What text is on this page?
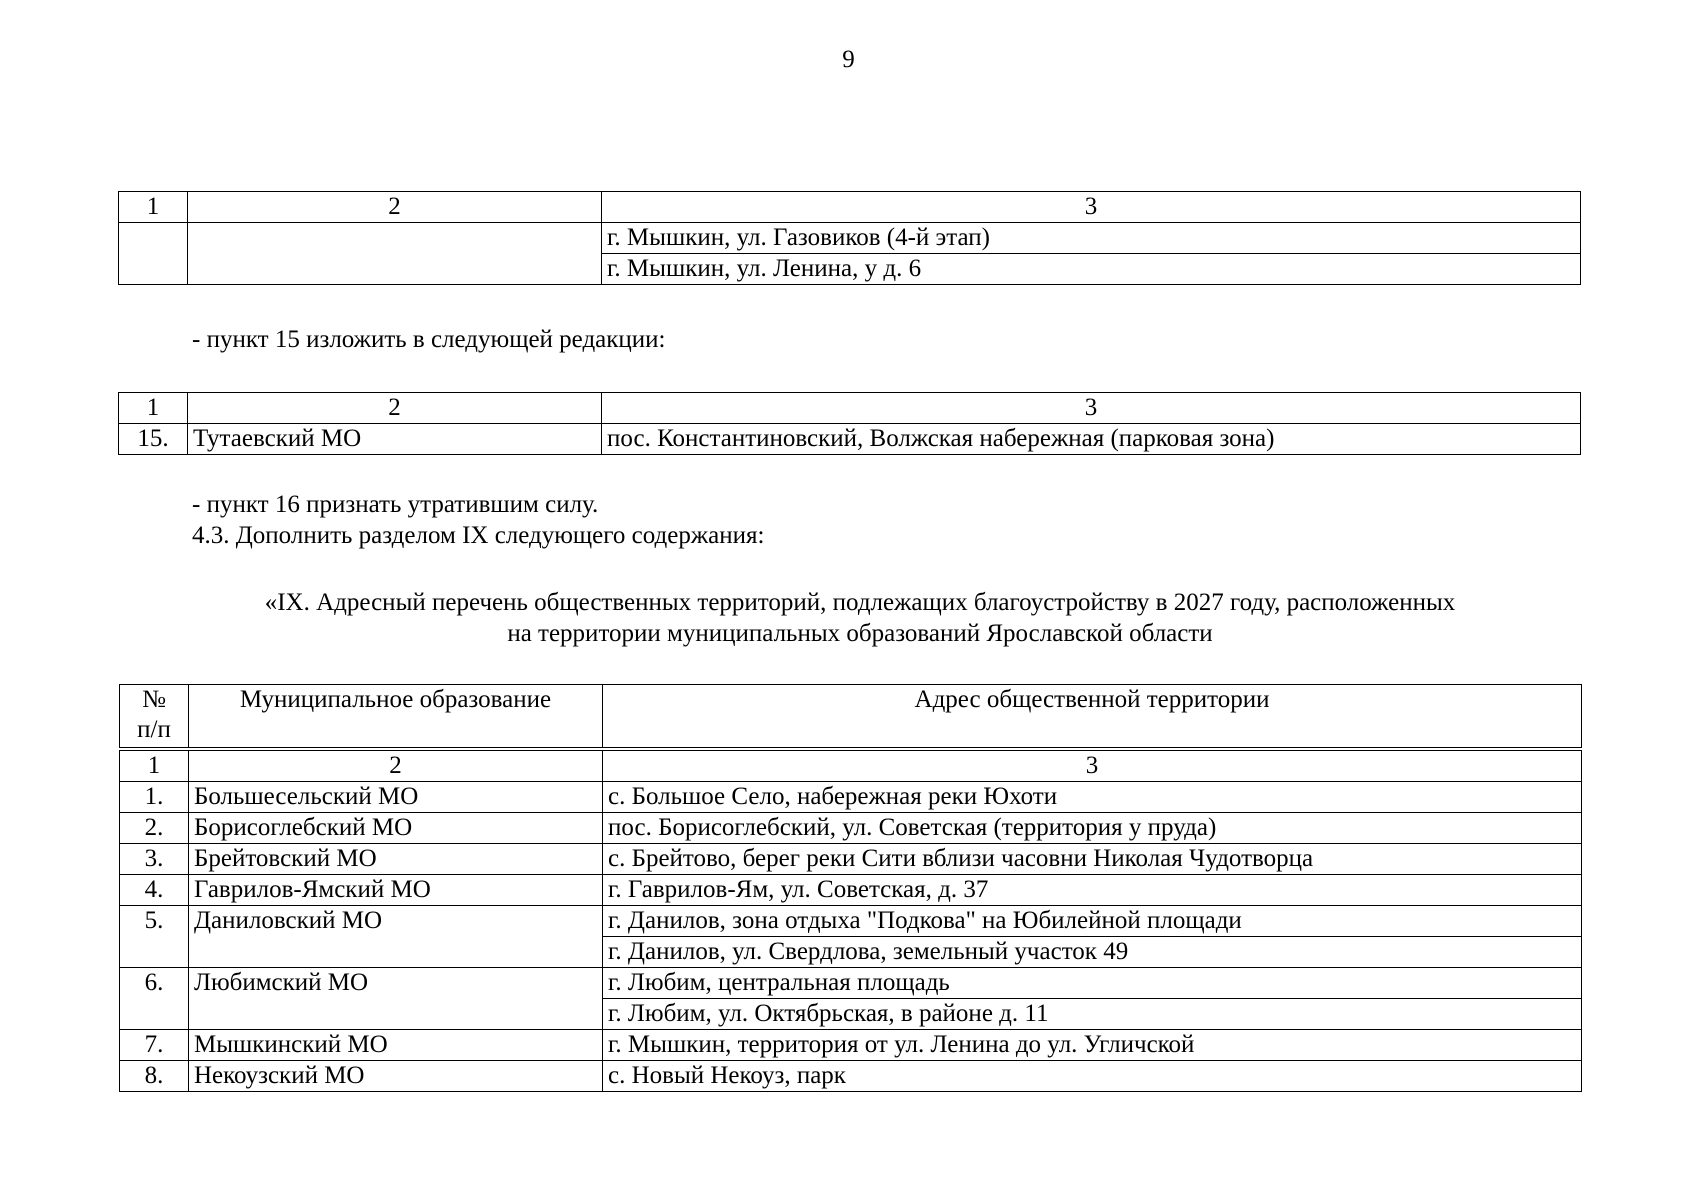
9
1	2	3
		г. Мышкин, ул. Газовиков (4-й этап)
		г. Мышкин, ул. Ленина, у д. 6
- пункт 15 изложить в следующей редакции:
1	2	3
15.	Тутаевский МО	пос. Константиновский, Волжская набережная (парковая зона)
- пункт 16 признать утратившим силу.
4.3. Дополнить разделом IX следующего содержания:
«IX. Адресный перечень общественных территорий, подлежащих благоустройству в 2027 году, расположенных
на территории муниципальных образований Ярославской области
№
п/п	Муниципальное образование	Адрес общественной территории
1	2	3
1.	Большесельский МО	с. Большое Село, набережная реки Юхоти
2.	Борисоглебский МО	пос. Борисоглебский, ул. Советская (территория у пруда)
3.	Брейтовский МО	с. Брейтово, берег реки Сити вблизи часовни Николая Чудотворца
4.	Гаврилов-Ямский МО	г. Гаврилов-Ям, ул. Советская, д. 37
5.	Даниловский МО	г. Данилов, зона отдыха "Подкова" на Юбилейной площади
		г. Данилов, ул. Свердлова, земельный участок 49
6.	Любимский МО	г. Любим, центральная площадь
		г. Любим, ул. Октябрьская, в районе д. 11
7.	Мышкинский МО	г. Мышкин, территория от ул. Ленина до ул. Угличской
8.	Некоузский МО	с. Новый Некоуз, парк
